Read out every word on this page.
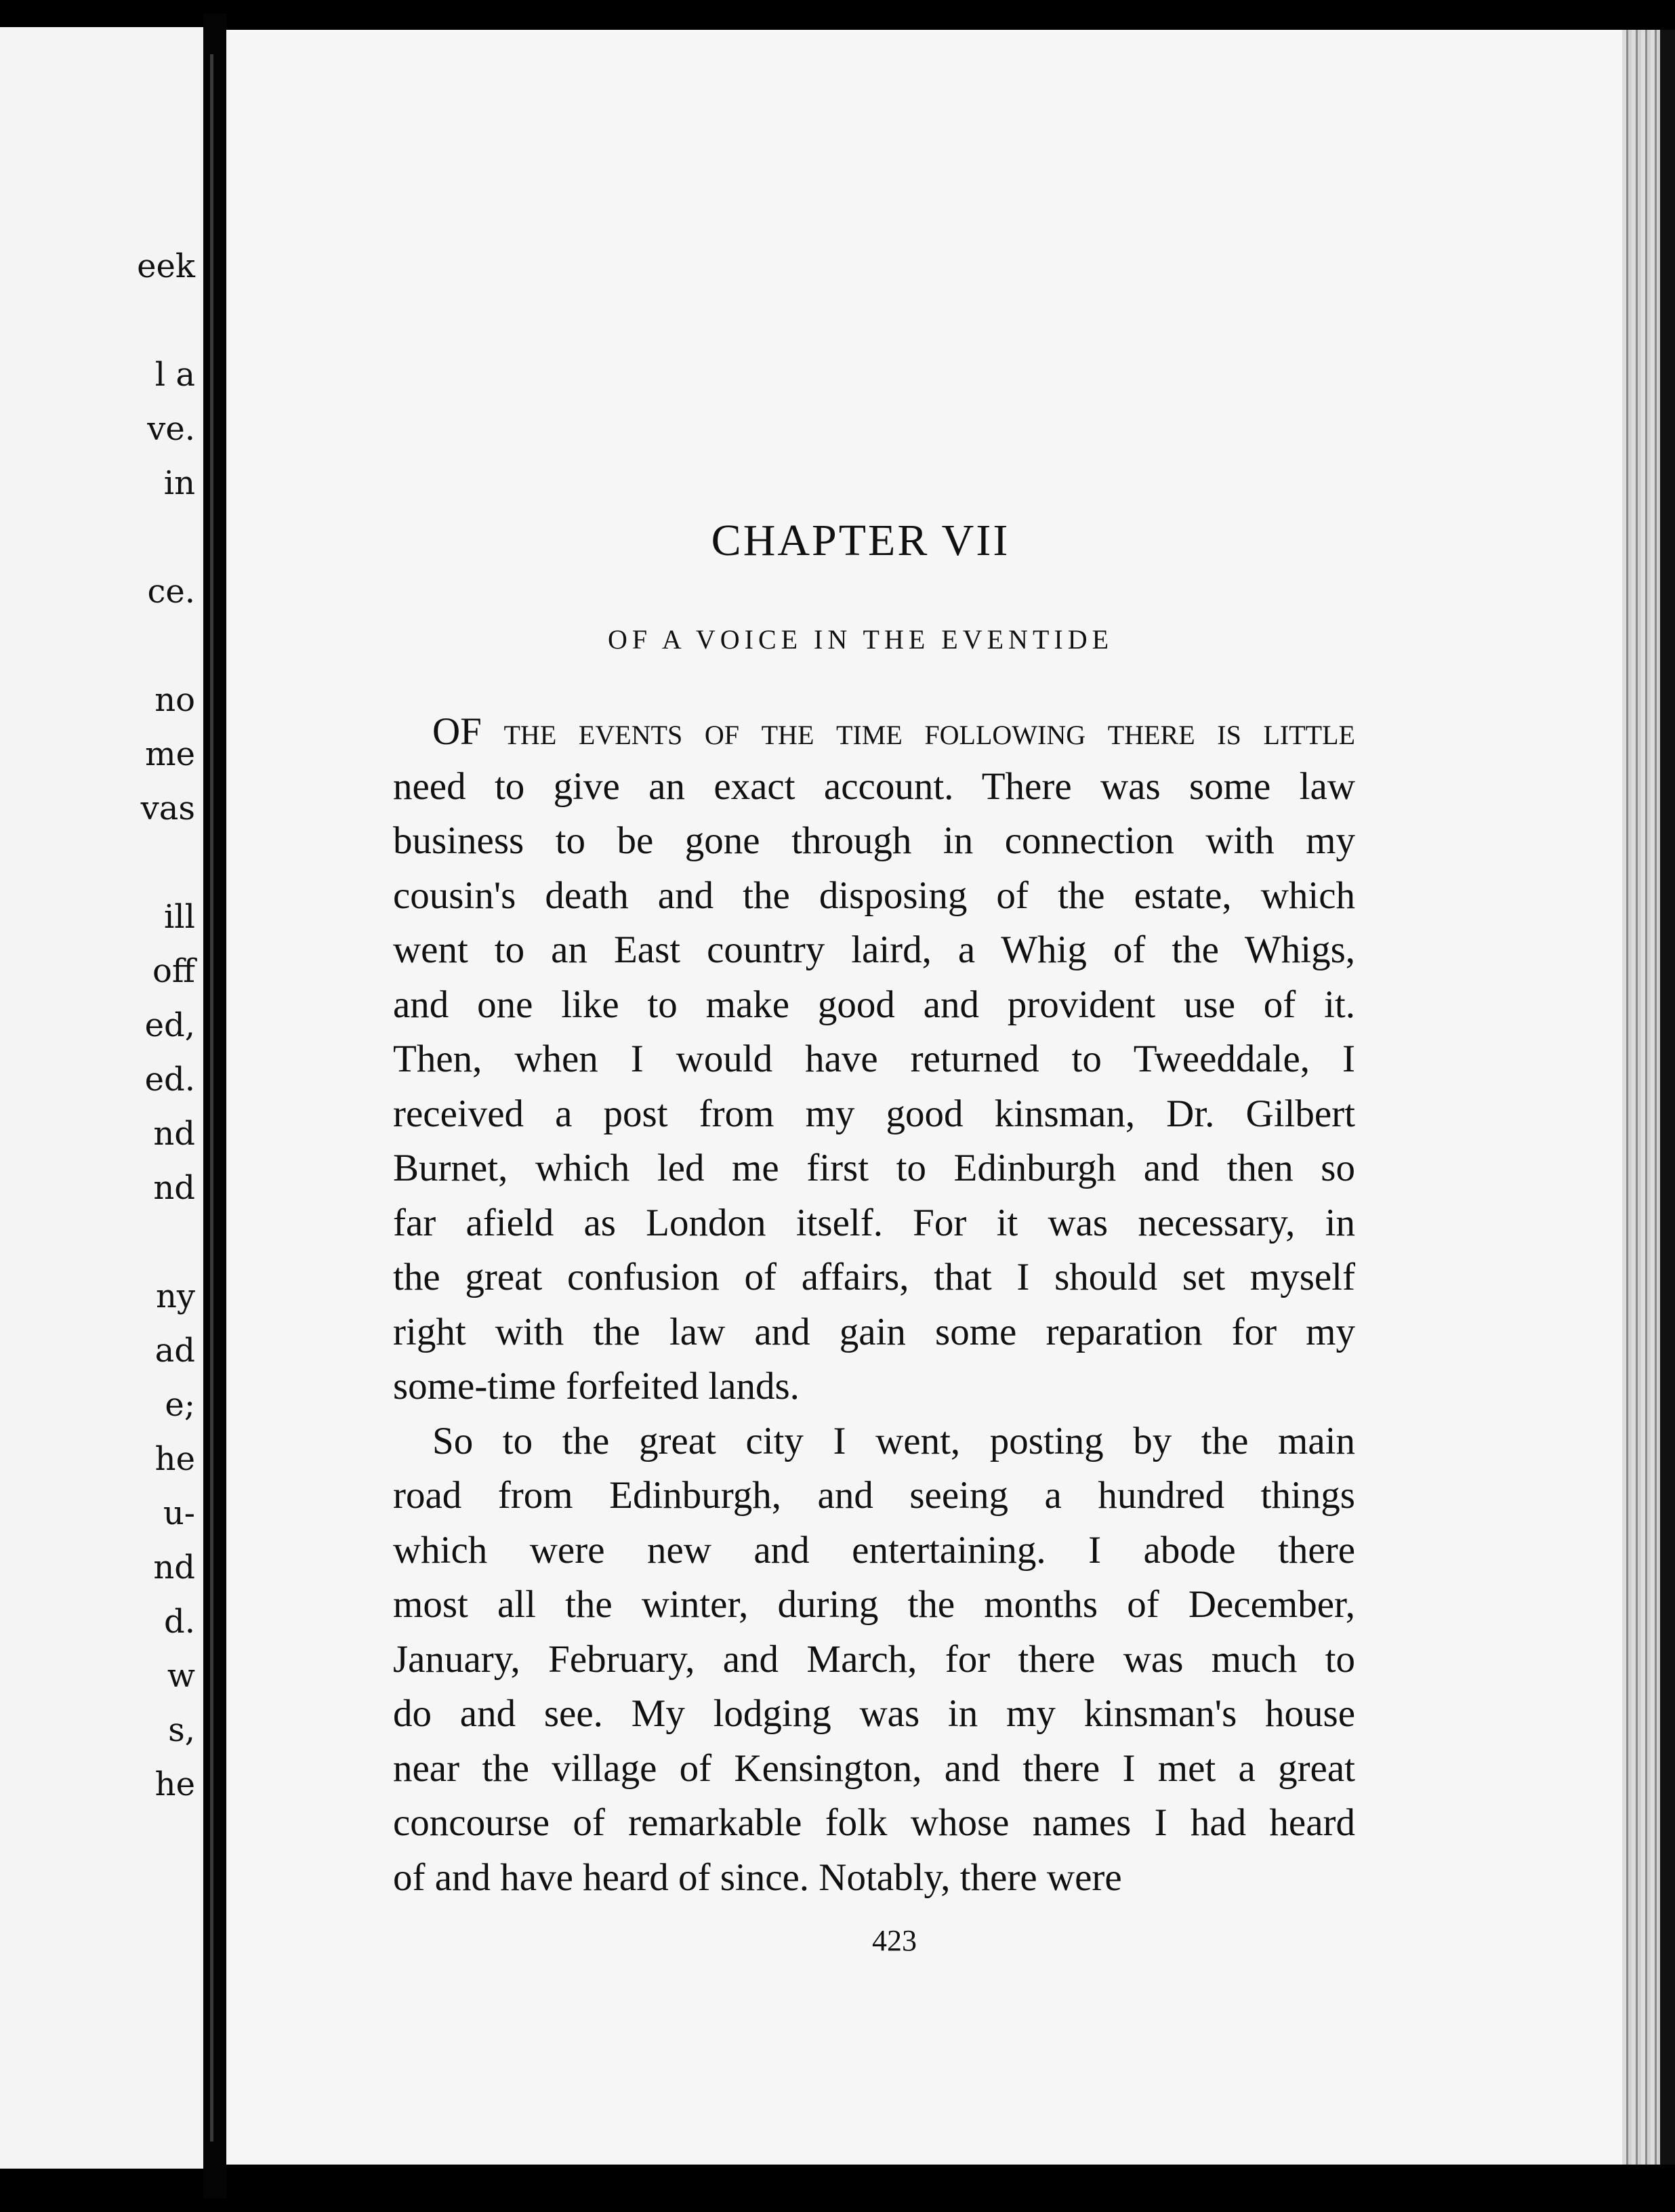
eek
l a
ve.
in
ce.
no
me
vas
ill
off
ed,
ed.
nd
nd
ny
ad
e;
he
u-
nd
d.
w
s,
he
CHAPTER VII
OF A VOICE IN THE EVENTIDE
OF the events of the time following there is little
need to give an exact account. There was some law
business to be gone through in connection with my
cousin's death and the disposing of the estate, which
went to an East country laird, a Whig of the Whigs,
and one like to make good and provident use of it.
Then, when I would have returned to Tweeddale, I
received a post from my good kinsman, Dr. Gilbert
Burnet, which led me first to Edinburgh and then so
far afield as London itself. For it was necessary, in
the great confusion of affairs, that I should set myself
right with the law and gain some reparation for my
some-time forfeited lands.
So to the great city I went, posting by the main
road from Edinburgh, and seeing a hundred things
which were new and entertaining. I abode there
most all the winter, during the months of December,
January, February, and March, for there was much to
do and see. My lodging was in my kinsman's house
near the village of Kensington, and there I met a great
concourse of remarkable folk whose names I had heard
of and have heard of since. Notably, there were
423
